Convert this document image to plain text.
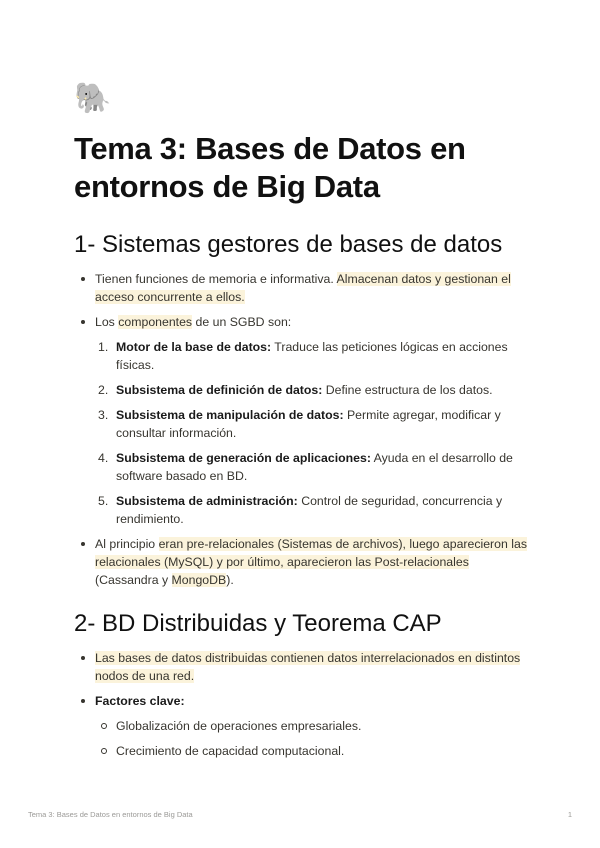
🐘
Tema 3: Bases de Datos en
entornos de Big Data
1- Sistemas gestores de bases de datos
Tienen funciones de memoria e informativa. Almacenan datos y gestionan el acceso concurrente a ellos.
Los componentes de un SGBD son:
1. Motor de la base de datos: Traduce las peticiones lógicas en acciones físicas.
2. Subsistema de definición de datos: Define estructura de los datos.
3. Subsistema de manipulación de datos: Permite agregar, modificar y consultar información.
4. Subsistema de generación de aplicaciones: Ayuda en el desarrollo de software basado en BD.
5. Subsistema de administración: Control de seguridad, concurrencia y rendimiento.
Al principio eran pre-relacionales (Sistemas de archivos), luego aparecieron las relacionales (MySQL) y por último, aparecieron las Post-relacionales (Cassandra y MongoDB).
2- BD Distribuidas y Teorema CAP
Las bases de datos distribuidas contienen datos interrelacionados en distintos nodos de una red.
Factores clave:
Globalización de operaciones empresariales.
Crecimiento de capacidad computacional.
Tema 3: Bases de Datos en entornos de Big Data	1
